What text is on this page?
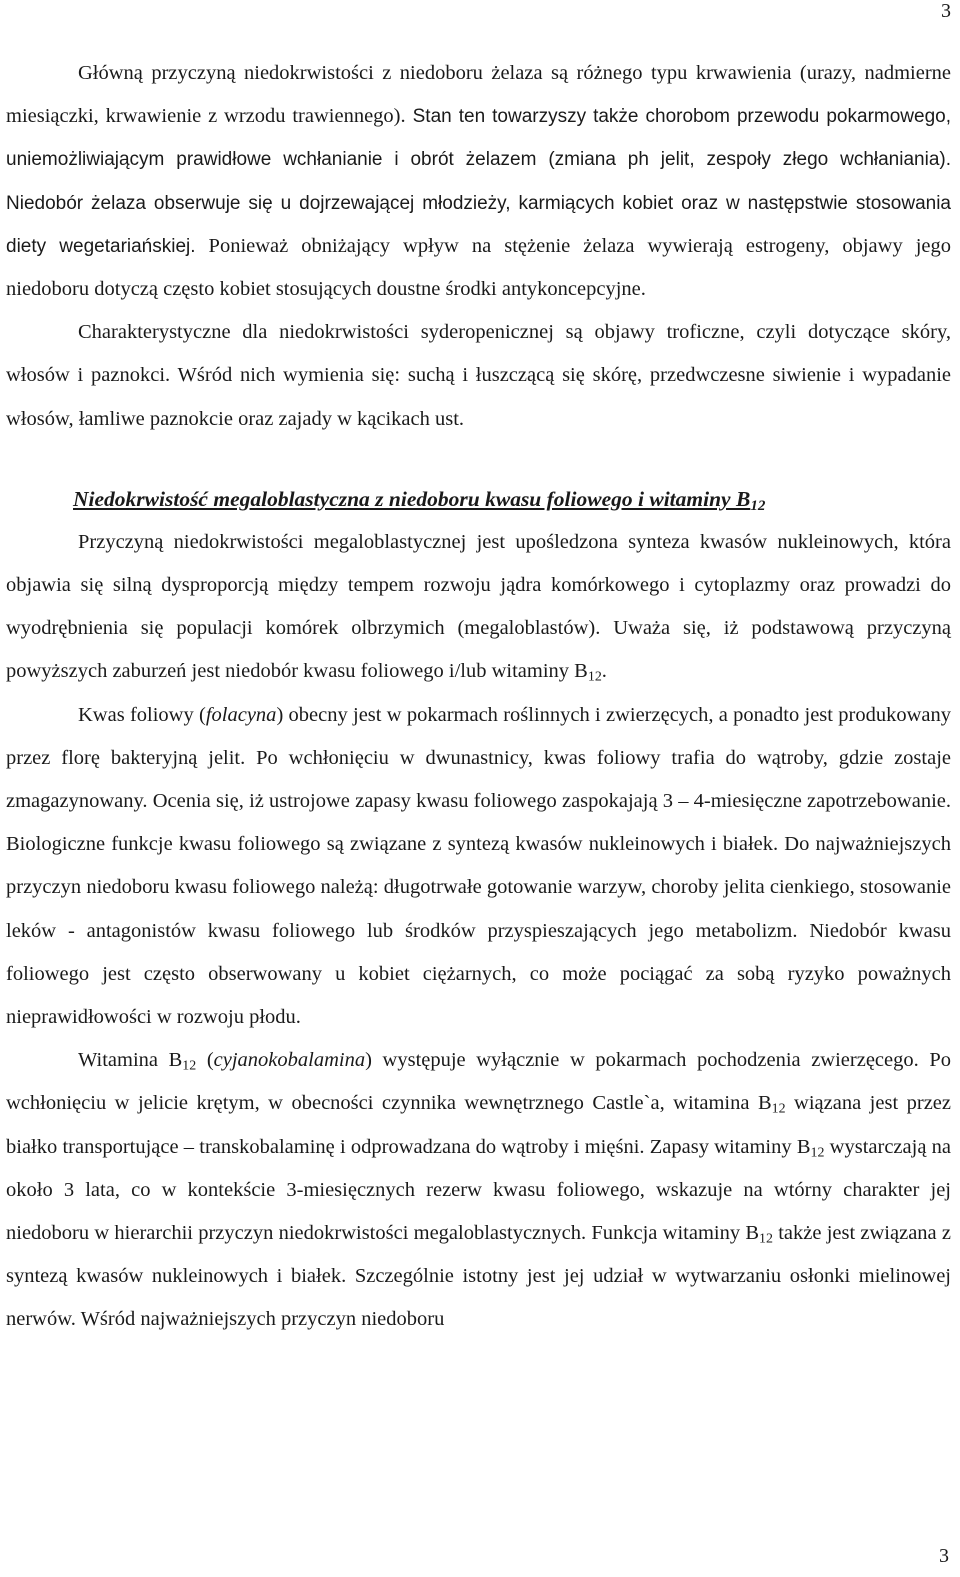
3

Główną przyczyną niedokrwistości z niedoboru żelaza są różnego typu krwawienia (urazy, nadmierne miesiączki, krwawienie z wrzodu trawiennego). Stan ten towarzyszy także chorobom przewodu pokarmowego, uniemożliwiającym prawidłowe wchłanianie i obrót żelazem (zmiana ph jelit, zespoły złego wchłaniania). Niedobór żelaza obserwuje się u dojrzewającej młodzieży, karmiących kobiet oraz w następstwie stosowania diety wegetariańskiej. Ponieważ obniżający wpływ na stężenie żelaza wywierają estrogeny, objawy jego niedoboru dotyczą często kobiet stosujących doustne środki antykoncepcyjne.

Charakterystyczne dla niedokrwistości syderopenicznej są objawy troficzne, czyli dotyczące skóry, włosów i paznokci. Wśród nich wymienia się: suchą i łuszczącą się skórę, przedwczesne siwienie i wypadanie włosów, łamliwe paznokcie oraz zajady w kącikach ust.

Niedokrwistość megaloblastyczna z niedoboru kwasu foliowego i witaminy $B_{12}$

Przyczyną niedokrwistości megaloblastycznej jest upośledzona synteza kwasów nukleinowych, która objawia się silną dysproporcją między tempem rozwoju jądra komórkowego i cytoplazmy oraz prowadzi do wyodrębnienia się populacji komórek olbrzymich (megaloblastów). Uważa się, iż podstawową przyczyną powyższych zaburzeń jest niedobór kwasu foliowego i/lub witaminy $B_{12}$.

Kwas foliowy (folacyna) obecny jest w pokarmach roślinnych i zwierzęcych, a ponadto jest produkowany przez florę bakteryjną jelit. Po wchłonięciu w dwunastnicy, kwas foliowy trafia do wątroby, gdzie zostaje zmagazynowany. Ocenia się, iż ustrojowe zapasy kwasu foliowego zaspokajają 3 – 4-miesięczne zapotrzebowanie. Biologiczne funkcje kwasu foliowego są związane z syntezą kwasów nukleinowych i białek. Do najważniejszych przyczyn niedoboru kwasu foliowego należą: długotrwałe gotowanie warzyw, choroby jelita cienkiego, stosowanie leków - antagonistów kwasu foliowego lub środków przyspieszających jego metabolizm. Niedobór kwasu foliowego jest często obserwowany u kobiet ciężarnych, co może pociągać za sobą ryzyko poważnych nieprawidłowości w rozwoju płodu.

Witamina $B_{12}$ (cyjanokobalamina) występuje wyłącznie w pokarmach pochodzenia zwierzęcego. Po wchłonięciu w jelicie krętym, w obecności czynnika wewnętrznego Castle`a, witamina $B_{12}$ wiązana jest przez białko transportujące – transkobalaminę i odprowadzana do wątroby i mięśni. Zapasy witaminy $B_{12}$ wystarczają na około 3 lata, co w kontekście 3-miesięcznych rezerw kwasu foliowego, wskazuje na wtórny charakter jej niedoboru w hierarchii przyczyn niedokrwistości megaloblastycznych. Funkcja witaminy $B_{12}$ także jest związana z syntezą kwasów nukleinowych i białek. Szczególnie istotny jest jej udział w wytwarzaniu osłonki mielinowej nerwów. Wśród najważniejszych przyczyn niedoboru

3
